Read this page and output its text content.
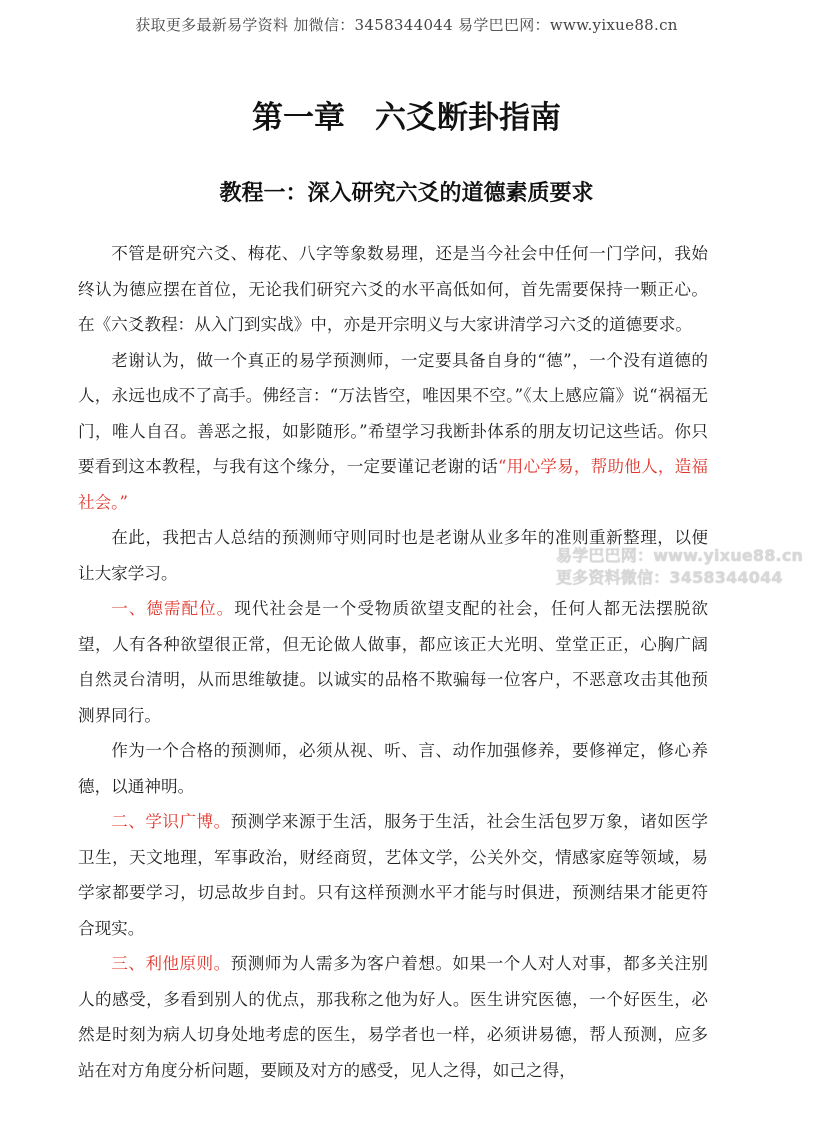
获取更多最新易学资料 加微信：3458344044 易学巴巴网：www.yixue88.cn
第一章 六爻断卦指南
教程一：深入研究六爻的道德素质要求

不管是研究六爻、梅花、八字等象数易理，还是当今社会中任何一门学问，我始终认为德应摆在首位，无论我们研究六爻的水平高低如何，首先需要保持一颗正心。在《六爻教程：从入门到实战》中，亦是开宗明义与大家讲清学习六爻的道德要求。

老谢认为，做一个真正的易学预测师，一定要具备自身的“德”，一个没有道德的人，永远也成不了高手。佛经言：“万法皆空，唯因果不空。”《太上感应篇》说“祸福无门，唯人自召。善恶之报，如影随形。”希望学习我断卦体系的朋友切记这些话。你只要看到这本教程，与我有这个缘分，一定要谨记老谢的话“用心学易，帮助他人，造福社会。”

在此，我把古人总结的预测师守则同时也是老谢从业多年的准则重新整理，以便让大家学习。

一、德需配位。现代社会是一个受物质欲望支配的社会，任何人都无法摆脱欲望，人有各种欲望很正常，但无论做人做事，都应该正大光明、堂堂正正，心胸广阔自然灵台清明，从而思维敏捷。以诚实的品格不欺骗每一位客户，不恶意攻击其他预测界同行。

作为一个合格的预测师，必须从视、听、言、动作加强修养，要修禅定，修心养德，以通神明。

二、学识广博。预测学来源于生活，服务于生活，社会生活包罗万象，诸如医学卫生，天文地理，军事政治，财经商贸，艺体文学，公关外交，情感家庭等领域，易学家都要学习，切忌故步自封。只有这样预测水平才能与时俱进，预测结果才能更符合现实。

三、利他原则。预测师为人需多为客户着想。如果一个人对人对事，都多关注别人的感受，多看到别人的优点，那我称之他为好人。医生讲究医德，一个好医生，必然是时刻为病人切身处地考虑的医生，易学者也一样，必须讲易德，帮人预测，应多站在对方角度分析问题，要顾及对方的感受，见人之得，如己之得，

易学巴巴网：www.yixue88.cn
更多资料微信：3458344044
